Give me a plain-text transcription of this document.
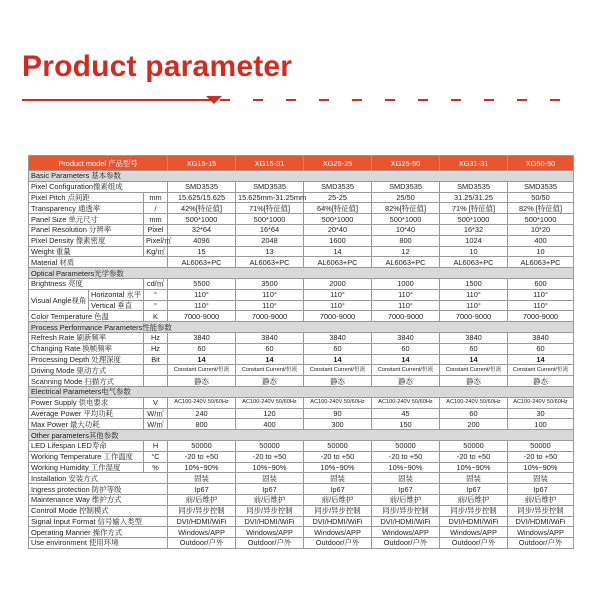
Product parameter
Product model 产品型号			XG15-15	XG15-31	XG25-25	XG25-50	XG31-31	XG50-50
Basic Parameters 基本参数								
Pixel Configuration像素组成			SMD3535	SMD3535	SMD3535	SMD3535	SMD3535	SMD3535
Pixel Pitch 点间距		mm	15.625/15.625	15.625mm-31.25mm	25-25	25/50	31.25/31.25	50/50
Transparency 通透率		/	42%[特征值]	71%[特征值]	64%[特征值]	82%[特征值]	71% [特征值]	82% [特征值]
Panel Size 单元尺寸		mm	500*1000	500*1000	500*1000	500*1000	500*1000	500*1000
Panel Resolution 分辨率		Pixel	32*64	16*64	20*40	10*40	16*32	10*20
Pixel Density 像素密度		Pixel/㎡	4096	2048	1600	800	1024	400
Weight 重量		Kg/㎡	15	13	14	12	10	10
Material 材质			AL6063+PC	AL6063+PC	AL6063+PC	AL6063+PC	AL6063+PC	AL6063+PC
Optical Parameters光学参数								
Brightness 亮度		cd/㎡	5500	3500	2000	1000	1500	600
Visual Angle视角	Horizontal 水平	°	110°	110°	110°	110°	110°	110°
	Vertical 垂直	°	110°	110°	110°	110°	110°	110°
Color Temperature 色温		K	7000-9000	7000-9000	7000-9000	7000-9000	7000-9000	7000-9000
Process Performance Parameters性能参数								
Refresh Rate 刷新频率		Hz	3840	3840	3840	3840	3840	3840
Changing Rate 换帧频率		Hz	60	60	60	60	60	60
Processing Depth 处理深度		Bit	14	14	14	14	14	14
Driving Mode 驱动方式			Constant Current/恒流	Constant Current/恒流	Constant Current/恒流	Constant Current/恒流	Constant Current/恒流	Constant Current/恒流
Scanning Mode 扫描方式			静态	静态	静态	静态	静态	静态
Electrical Parameters电气参数								
Power Supply 供电要求		V	AC100-240V 50/60Hz	AC100-240V 50/60Hz	AC100-240V 50/60Hz	AC100-240V 50/60Hz	AC100-240V 50/60Hz	AC100-240V 50/60Hz
Average Power 平均功耗		W/㎡	240	120	90	45	60	30
Max Power 最大功耗		W/㎡	800	400	300	150	200	100
Other parameters其他参数								
LED Lifespan LED寿命		H	50000	50000	50000	50000	50000	50000
Working Temperature 工作温度		°C	-20 to +50	-20 to +50	-20 to +50	-20 to +50	-20 to +50	-20 to +50
Working Humidity 工作湿度		%	10%~90%	10%~90%	10%~90%	10%~90%	10%~90%	10%~90%
Installation 安装方式			固装	固装	固装	固装	固装	固装
Ingress protection 防护等级			Ip67	Ip67	Ip67	Ip67	Ip67	Ip67
Maintenance Way 维护方式			前/后维护	前/后维护	前/后维护	前/后维护	前/后维护	前/后维护
Controll Mode 控制模式			同步/异步控制	同步/异步控制	同步/异步控制	同步/异步控制	同步/异步控制	同步/异步控制
Signal Input Format 信号输入类型			DVI/HDMI/WiFi	DVI/HDMI/WiFi	DVI/HDMI/WiFi	DVI/HDMI/WiFi	DVI/HDMI/WiFi	DVI/HDMI/WiFi
Operating Manner 操作方式			Windows/APP	Windows/APP	Windows/APP	Windows/APP	Windows/APP	Windows/APP
Use environment 使用环境			Outdoor/户外	Outdoor/户外	Outdoor/户外	Outdoor/户外	Outdoor/户外	Outdoor/户外
